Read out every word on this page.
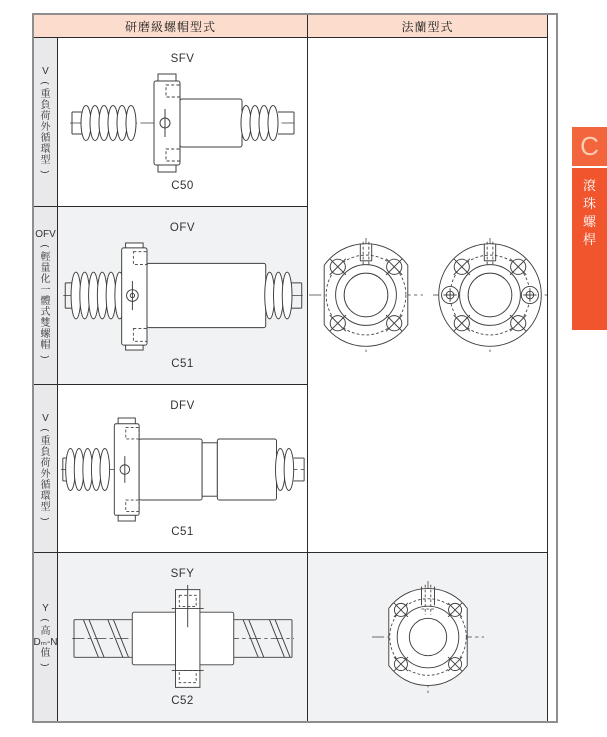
研磨級螺帽型式	法蘭型式
V
(
重
負
荷
外
循
環
型
)
SFV
C50
OFV
(
輕
量
化
一
體
式
雙
螺
帽
)
OFV
C51
V
(
重
負
荷
外
循
環
型
)
DFV
C51
Y
(
高
Dₘ-N
值
)
SFY
C52
C
滾
珠
螺
桿
